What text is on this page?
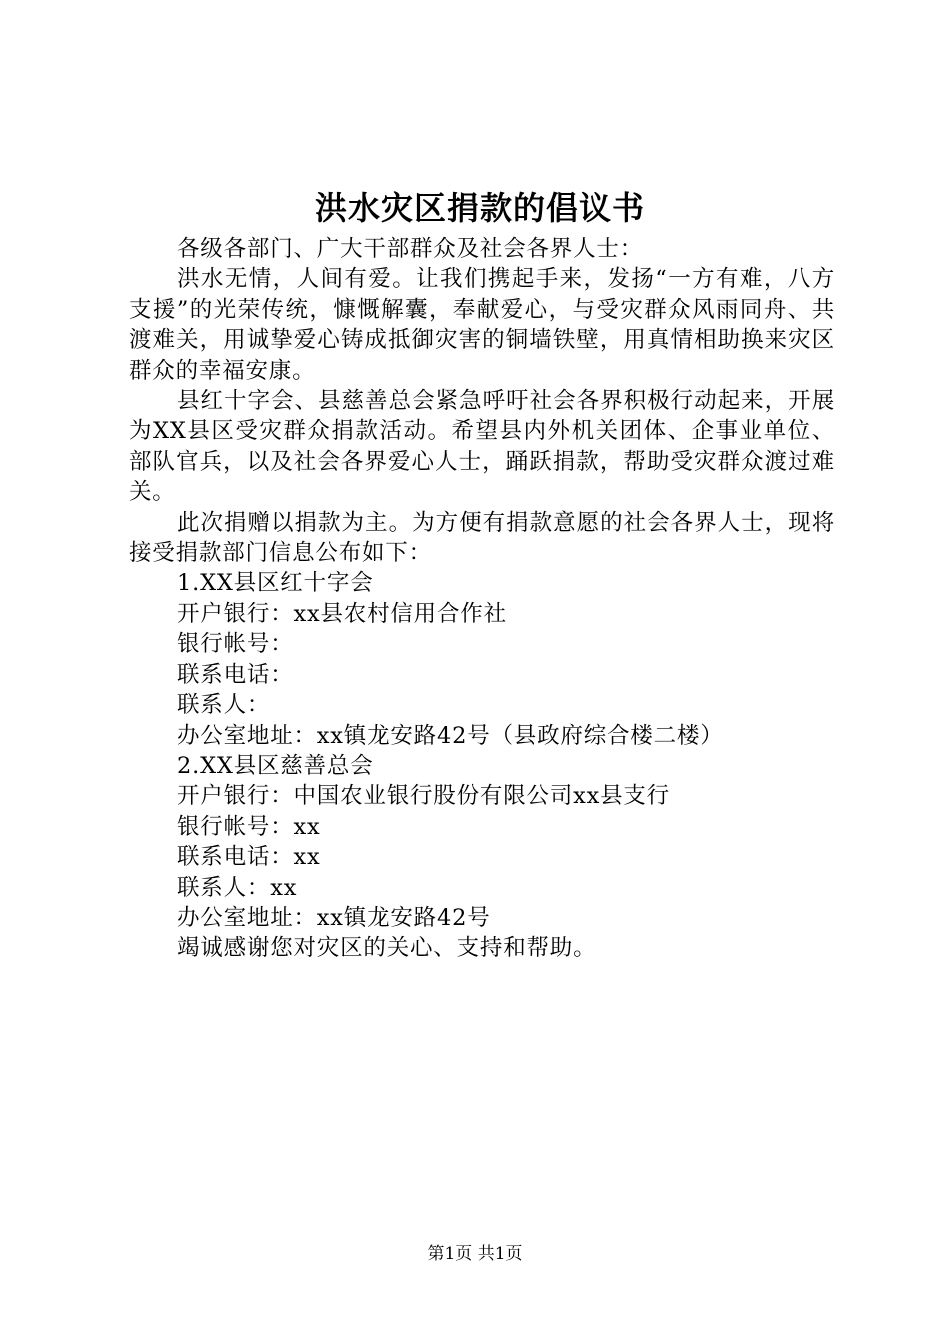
洪水灾区捐款的倡议书

各级各部门、广大干部群众及社会各界人士：

洪水无情，人间有爱。让我们携起手来，发扬“一方有难，八方支援”的光荣传统，慷慨解囊，奉献爱心，与受灾群众风雨同舟、共渡难关，用诚挚爱心铸成抵御灾害的铜墙铁壁，用真情相助换来灾区群众的幸福安康。

县红十字会、县慈善总会紧急呼吁社会各界积极行动起来，开展为XX县区受灾群众捐款活动。希望县内外机关团体、企事业单位、部队官兵，以及社会各界爱心人士，踊跃捐款，帮助受灾群众渡过难关。

此次捐赠以捐款为主。为方便有捐款意愿的社会各界人士，现将接受捐款部门信息公布如下：

1.XX县区红十字会

开户银行：xx县农村信用合作社

银行帐号：

联系电话：

联系人：

办公室地址：xx镇龙安路42号（县政府综合楼二楼）

2.XX县区慈善总会

开户银行：中国农业银行股份有限公司xx县支行

银行帐号：xx

联系电话：xx

联系人：xx

办公室地址：xx镇龙安路42号

竭诚感谢您对灾区的关心、支持和帮助。

第1页 共1页
